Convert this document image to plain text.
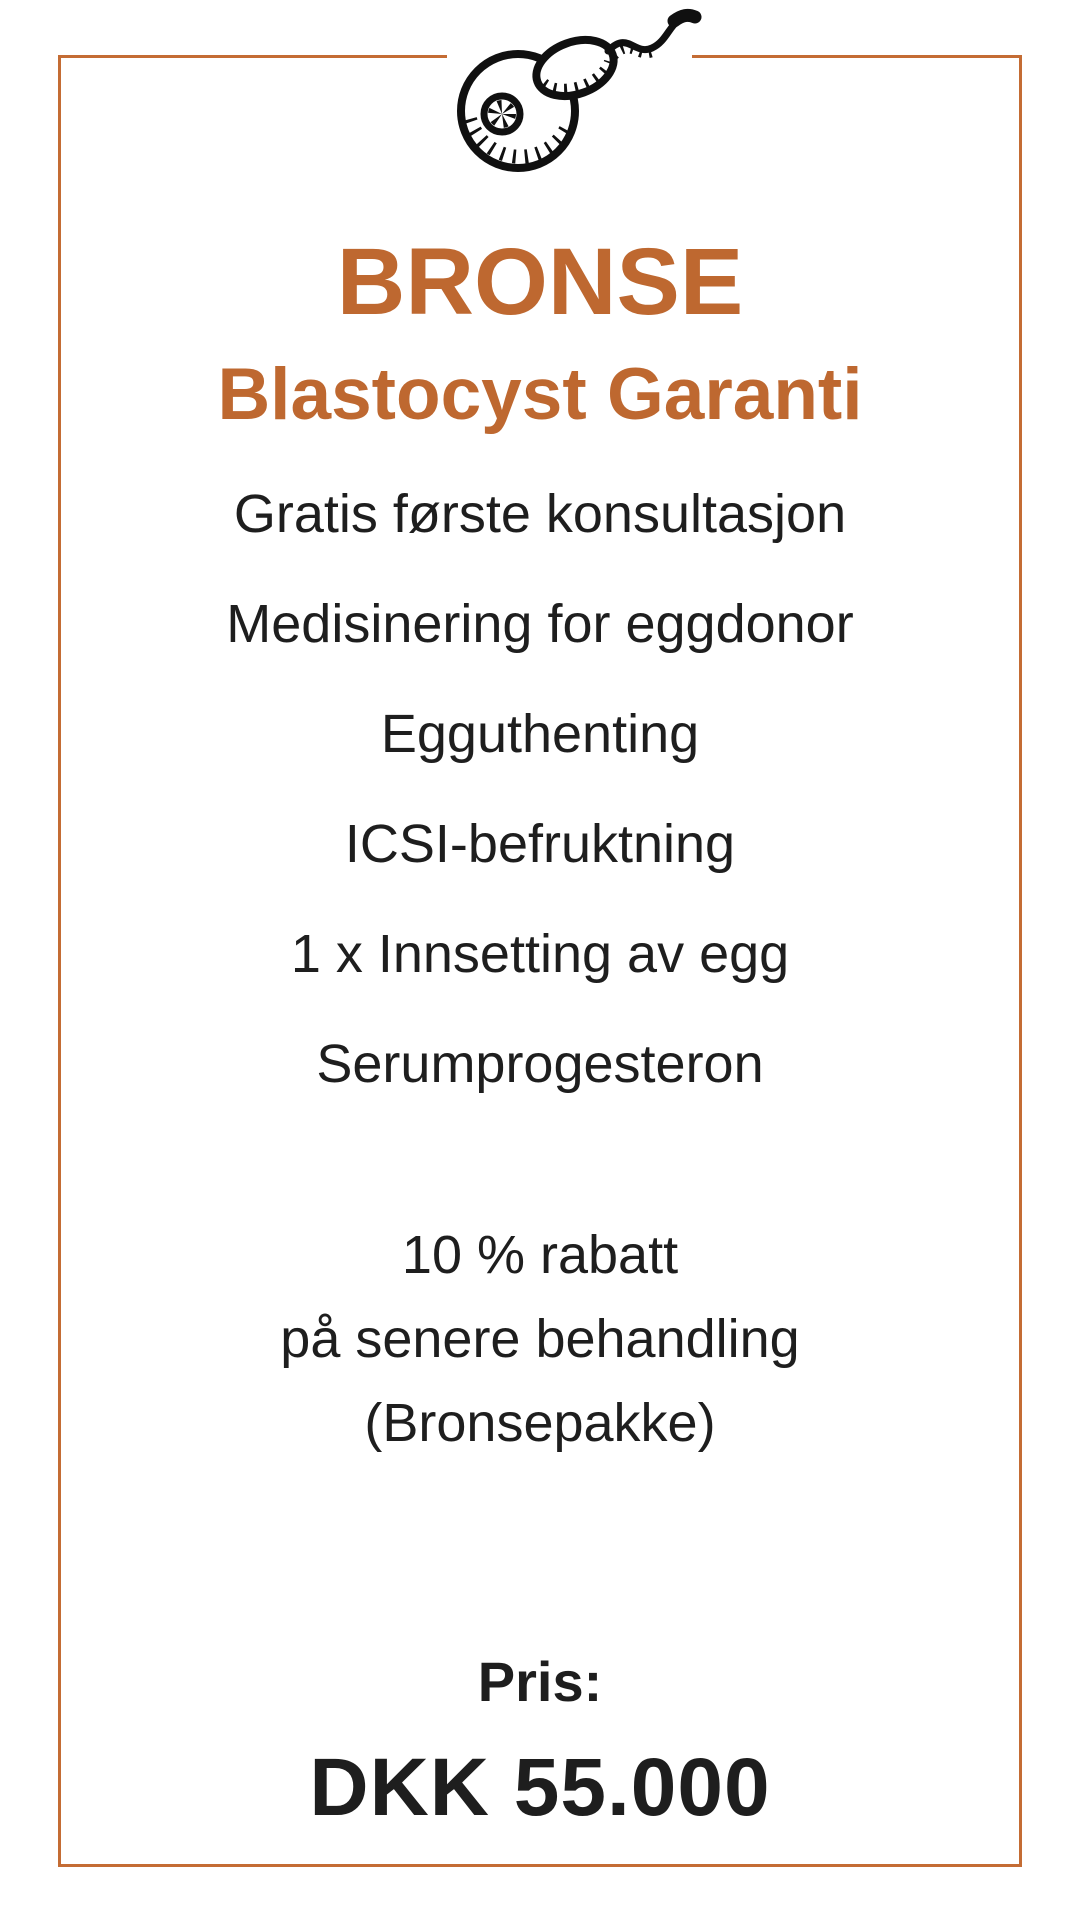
BRONSE
Blastocyst Garanti
Gratis første konsultasjon
Medisinering for eggdonor
Egguthenting
ICSI-befruktning
1 x Innsetting av egg
Serumprogesteron
10 % rabatt
på senere behandling
(Bronsepakke)
Pris:
DKK 55.000
